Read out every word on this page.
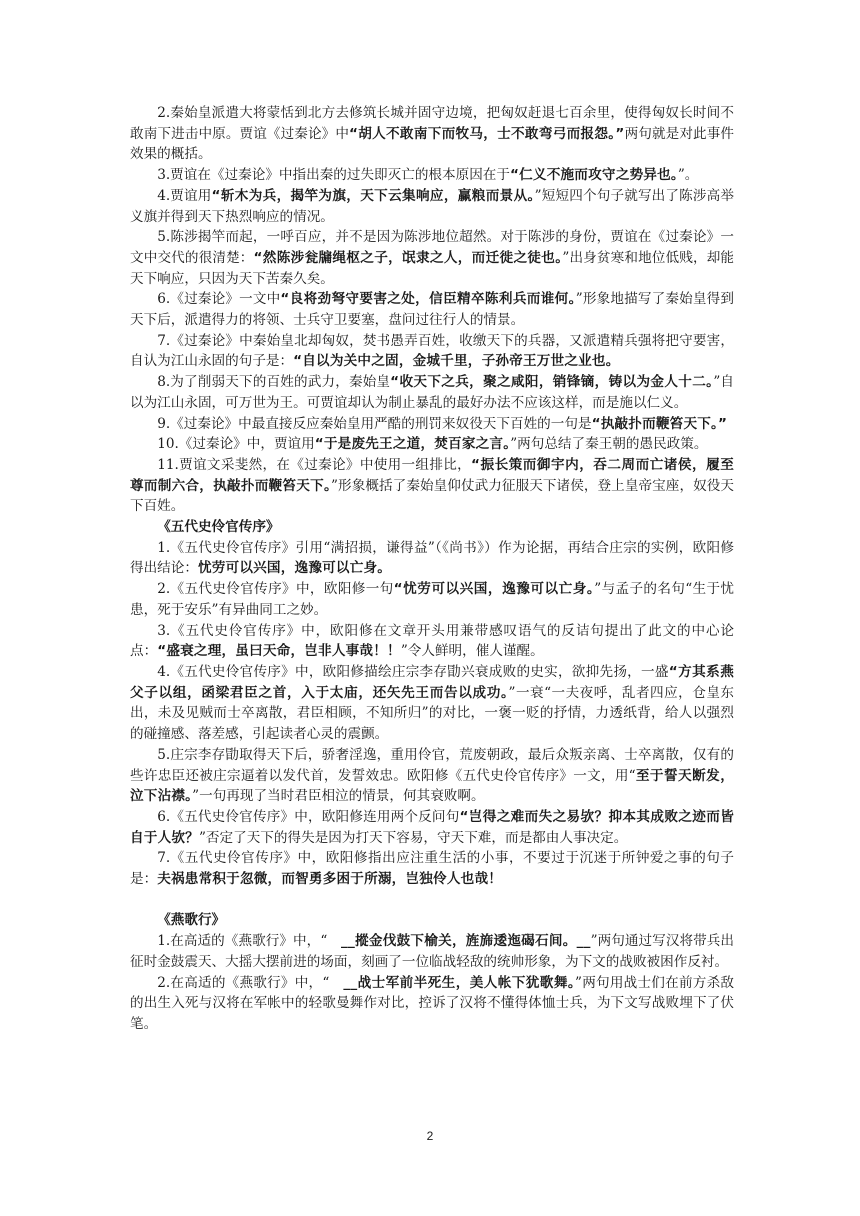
2.秦始皇派遣大将蒙恬到北方去修筑长城并固守边境，把匈奴赶退七百余里，使得匈奴长时间不敢南下进击中原。贾谊《过秦论》中“胡人不敢南下而牧马，士不敢弯弓而报怨。”两句就是对此事件效果的概括。

3.贾谊在《过秦论》中指出秦的过失即灭亡的根本原因在于“仁义不施而攻守之势异也。”。

4.贾谊用“斩木为兵，揭竿为旗，天下云集响应，赢粮而景从。”短短四个句子就写出了陈涉高举义旗并得到天下热烈响应的情况。

5.陈涉揭竿而起，一呼百应，并不是因为陈涉地位超然。对于陈涉的身份，贾谊在《过秦论》一文中交代的很清楚：“然陈涉瓮牖绳枢之子，氓隶之人，而迁徙之徒也。”出身贫寒和地位低贱，却能天下响应，只因为天下苦秦久矣。

6.《过秦论》一文中“良将劲弩守要害之处，信臣精卒陈利兵而谁何。”形象地描写了秦始皇得到天下后，派遣得力的将领、士兵守卫要塞，盘问过往行人的情景。

7.《过秦论》中秦始皇北却匈奴，焚书愚弄百姓，收缴天下的兵器，又派遣精兵强将把守要害，自认为江山永固的句子是：“自以为关中之固，金城千里，子孙帝王万世之业也。

8.为了削弱天下的百姓的武力，秦始皇“收天下之兵，聚之咸阳，销锋镝，铸以为金人十二。”自以为江山永固，可万世为王。可贾谊却认为制止暴乱的最好办法不应该这样，而是施以仁义。

9.《过秦论》中最直接反应秦始皇用严酷的刑罚来奴役天下百姓的一句是“执敲扑而鞭笞天下。”

10.《过秦论》中，贾谊用“于是废先王之道，焚百家之言。”两句总结了秦王朝的愚民政策。

11.贾谊文采斐然，在《过秦论》中使用一组排比，“振长策而御宇内，吞二周而亡诸侯，履至尊而制六合，执敲扑而鞭笞天下。”形象概括了秦始皇仰仗武力征服天下诸侯，登上皇帝宝座，奴役天下百姓。

《五代史伶官传序》

1.《五代史伶官传序》引用“满招损，谦得益”（《尚书》）作为论据，再结合庄宗的实例，欧阳修得出结论：忧劳可以兴国，逸豫可以亡身。

2.《五代史伶官传序》中，欧阳修一句“忧劳可以兴国，逸豫可以亡身。”与孟子的名句“生于忧患，死于安乐”有异曲同工之妙。

3.《五代史伶官传序》中，欧阳修在文章开头用兼带感叹语气的反诘句提出了此文的中心论点：“盛衰之理，虽曰天命，岂非人事哉！！”令人鲜明，催人谨醒。

4.《五代史伶官传序》中，欧阳修描绘庄宗李存勖兴衰成败的史实，欲抑先扬，一盛“方其系燕父子以组，函梁君臣之首，入于太庙，还矢先王而告以成功。”一衰“一夫夜呼，乱者四应，仓皇东出，未及见贼而士卒离散，君臣相顾，不知所归”的对比，一褒一贬的抒情，力透纸背，给人以强烈的碰撞感、落差感，引起读者心灵的震颤。

5.庄宗李存勖取得天下后，骄奢淫逸，重用伶官，荒废朝政，最后众叛亲离、士卒离散，仅有的些许忠臣还被庄宗逼着以发代首，发誓效忠。欧阳修《五代史伶官传序》一文，用“至于誓天断发，泣下沾襟。”一句再现了当时君臣相泣的情景，何其衰败啊。

6.《五代史伶官传序》中，欧阳修连用两个反问句“岂得之难而失之易欤？抑本其成败之迹而皆自于人欤？”否定了天下的得失是因为打天下容易，守天下难，而是都由人事决定。

7.《五代史伶官传序》中，欧阳修指出应注重生活的小事，不要过于沉迷于所钟爱之事的句子是：夫祸患常积于忽微，而智勇多困于所溺，岂独伶人也哉！

《燕歌行》

1.在高适的《燕歌行》中，“　__摐金伐鼓下榆关，旌旆逶迤碣石间。__”两句通过写汉将带兵出征时金鼓震天、大摇大摆前进的场面，刻画了一位临战轻敌的统帅形象，为下文的战败被困作反衬。

2.在高适的《燕歌行》中，“　__战士军前半死生，美人帐下犹歌舞。”两句用战士们在前方杀敌的出生入死与汉将在军帐中的轻歌曼舞作对比，控诉了汉将不懂得体恤士兵，为下文写战败埋下了伏笔。

2
